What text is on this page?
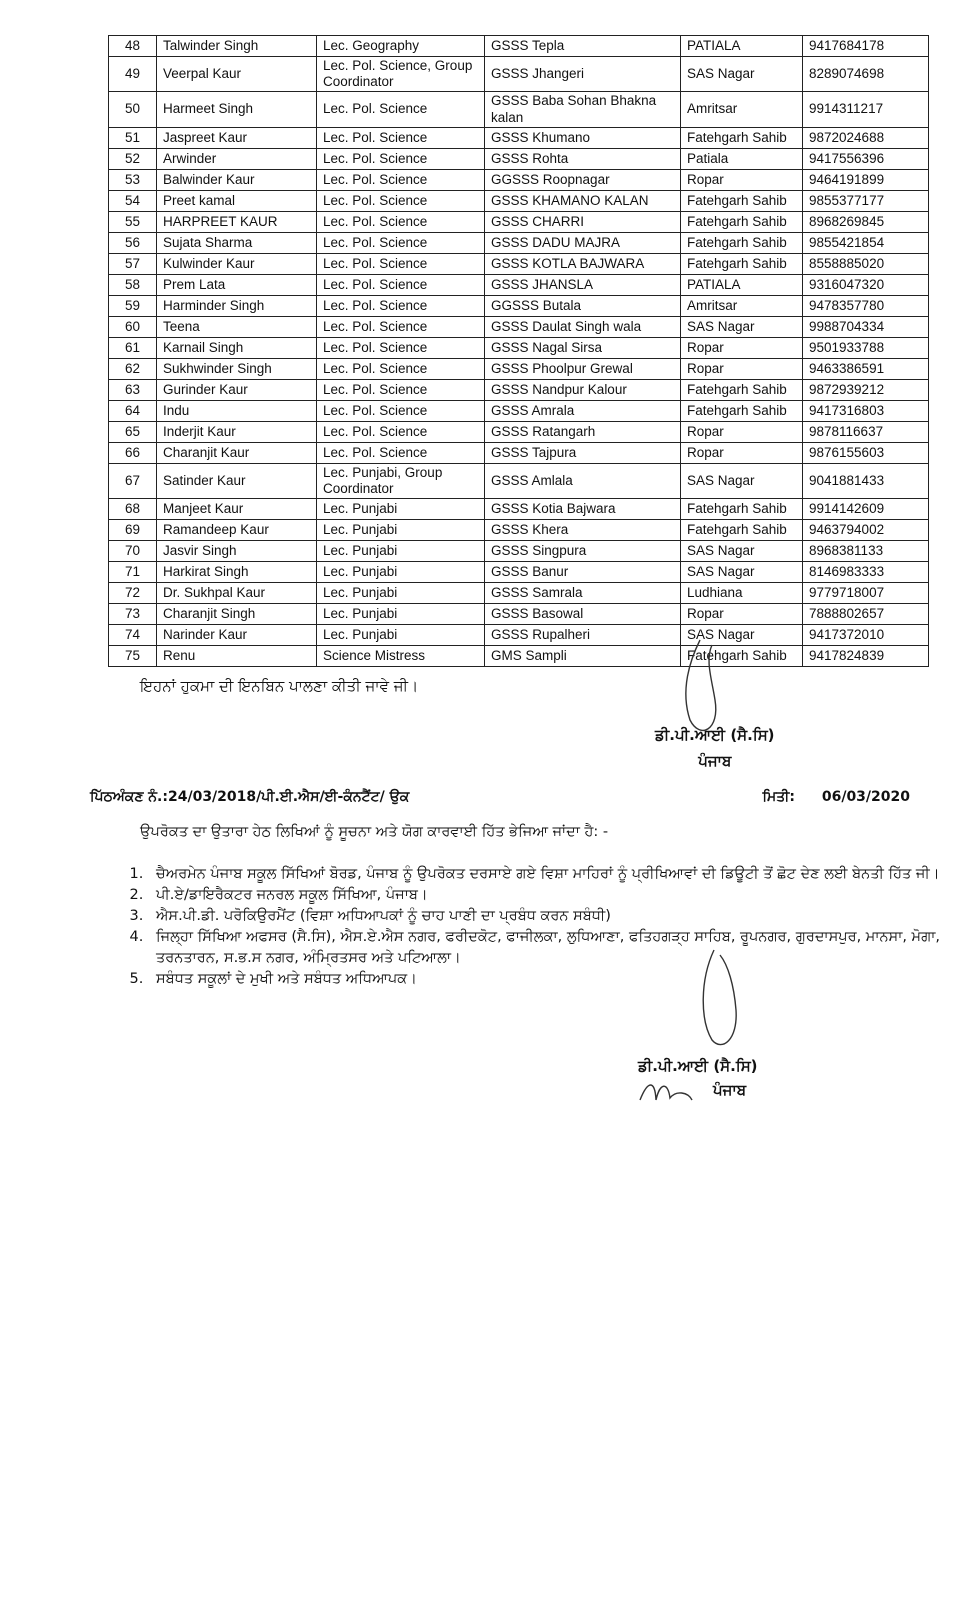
48	Talwinder Singh	Lec. Geography	GSSS Tepla	PATIALA	9417684178
49	Veerpal Kaur	Lec. Pol. Science, Group Coordinator	GSSS Jhangeri	SAS Nagar	8289074698
50	Harmeet Singh	Lec. Pol. Science	GSSS Baba Sohan Bhakna kalan	Amritsar	9914311217
51	Jaspreet Kaur	Lec. Pol. Science	GSSS Khumano	Fatehgarh Sahib	9872024688
52	Arwinder	Lec. Pol. Science	GSSS Rohta	Patiala	9417556396
53	Balwinder Kaur	Lec. Pol. Science	GGSSS Roopnagar	Ropar	9464191899
54	Preet kamal	Lec. Pol. Science	GSSS KHAMANO KALAN	Fatehgarh Sahib	9855377177
55	HARPREET KAUR	Lec. Pol. Science	GSSS CHARRI	Fatehgarh Sahib	8968269845
56	Sujata Sharma	Lec. Pol. Science	GSSS DADU MAJRA	Fatehgarh Sahib	9855421854
57	Kulwinder Kaur	Lec. Pol. Science	GSSS KOTLA BAJWARA	Fatehgarh Sahib	8558885020
58	Prem Lata	Lec. Pol. Science	GSSS JHANSLA	PATIALA	9316047320
59	Harminder Singh	Lec. Pol. Science	GGSSS Butala	Amritsar	9478357780
60	Teena	Lec. Pol. Science	GSSS Daulat Singh wala	SAS Nagar	9988704334
61	Karnail Singh	Lec. Pol. Science	GSSS Nagal Sirsa	Ropar	9501933788
62	Sukhwinder Singh	Lec. Pol. Science	GSSS Phoolpur Grewal	Ropar	9463386591
63	Gurinder Kaur	Lec. Pol. Science	GSSS Nandpur Kalour	Fatehgarh Sahib	9872939212
64	Indu	Lec. Pol. Science	GSSS Amrala	Fatehgarh Sahib	9417316803
65	Inderjit Kaur	Lec. Pol. Science	GSSS Ratangarh	Ropar	9878116637
66	Charanjit Kaur	Lec. Pol. Science	GSSS Tajpura	Ropar	9876155603
67	Satinder Kaur	Lec. Punjabi, Group Coordinator	GSSS Amlala	SAS Nagar	9041881433
68	Manjeet Kaur	Lec. Punjabi	GSSS Kotia Bajwara	Fatehgarh Sahib	9914142609
69	Ramandeep Kaur	Lec. Punjabi	GSSS Khera	Fatehgarh Sahib	9463794002
70	Jasvir Singh	Lec. Punjabi	GSSS Singpura	SAS Nagar	8968381133
71	Harkirat Singh	Lec. Punjabi	GSSS Banur	SAS Nagar	8146983333
72	Dr. Sukhpal Kaur	Lec. Punjabi	GSSS Samrala	Ludhiana	9779718007
73	Charanjit Singh	Lec. Punjabi	GSSS Basowal	Ropar	7888802657
74	Narinder Kaur	Lec. Punjabi	GSSS Rupalheri	SAS Nagar	9417372010
75	Renu	Science Mistress	GMS Sampli	Fatehgarh Sahib	9417824839
ਇਹਨਾਂ ਹੁਕਮਾ ਦੀ ਇਨਬਿਨ ਪਾਲਣਾ ਕੀਤੀ ਜਾਵੇ ਜੀ।
ਡੀ.ਪੀ.ਆਈ (ਸੈ.ਸਿ)
ਪੰਜਾਬ
ਪਿੱਠਅੰਕਣ ਨੰ.:24/03/2018/ਪੀ.ਈ.ਐਸ/ਈ-ਕੰਨਟੈਂਟ/ ਉਕ	ਮਿਤੀ: 06/03/2020
ਉਪਰੋਕਤ ਦਾ ਉਤਾਰਾ ਹੇਠ ਲਿਖਿਆਂ ਨੂੰ ਸੂਚਨਾ ਅਤੇ ਯੋਗ ਕਾਰਵਾਈ ਹਿੱਤ ਭੇਜਿਆ ਜਾਂਦਾ ਹੈ: -
1. ਚੈਅਰਮੇਨ ਪੰਜਾਬ ਸਕੂਲ ਸਿੱਖਿਆਂ ਬੋਰਡ, ਪੰਜਾਬ ਨੂੰ ਉਪਰੋਕਤ ਦਰਸਾਏ ਗਏ ਵਿਸ਼ਾ ਮਾਹਿਰਾਂ ਨੂੰ ਪ੍ਰੀਖਿਆਵਾਂ ਦੀ ਡਿਊਟੀ ਤੋਂ ਛੋਟ ਦੇਣ ਲਈ ਬੇਨਤੀ ਹਿੱਤ ਜੀ।
2. ਪੀ.ਏ/ਡਾਇਰੈਕਟਰ ਜਨਰਲ ਸਕੂਲ ਸਿੱਖਿਆ, ਪੰਜਾਬ।
3. ਐਸ.ਪੀ.ਡੀ. ਪਰੋਕਿਉਰਮੈਂਟ (ਵਿਸ਼ਾ ਅਧਿਆਪਕਾਂ ਨੂੰ ਚਾਹ ਪਾਣੀ ਦਾ ਪ੍ਰਬੰਧ ਕਰਨ ਸਬੰਧੀ)
4. ਜਿਲ੍ਹਾ ਸਿੱਖਿਆ ਅਫਸਰ (ਸੈ.ਸਿ), ਐਸ.ਏ.ਐਸ ਨਗਰ, ਫਰੀਦਕੋਟ, ਫਾਜੀਲਕਾ, ਲੁਧਿਆਣਾ, ਫਤਿਹਗੜ੍ਹ ਸਾਹਿਬ, ਰੂਪਨਗਰ, ਗੁਰਦਾਸਪੁਰ, ਮਾਨਸਾ, ਮੋਗਾ, ਤਰਨਤਾਰਨ, ਸ.ਭ.ਸ ਨਗਰ, ਅੰਮ੍ਰਿਤਸਰ ਅਤੇ ਪਟਿਆਲਾ।
5. ਸਬੰਧਤ ਸਕੂਲਾਂ ਦੇ ਮੁਖੀ ਅਤੇ ਸਬੰਧਤ ਅਧਿਆਪਕ।
ਡੀ.ਪੀ.ਆਈ (ਸੈ.ਸਿ)
ਪੰਜਾਬ
